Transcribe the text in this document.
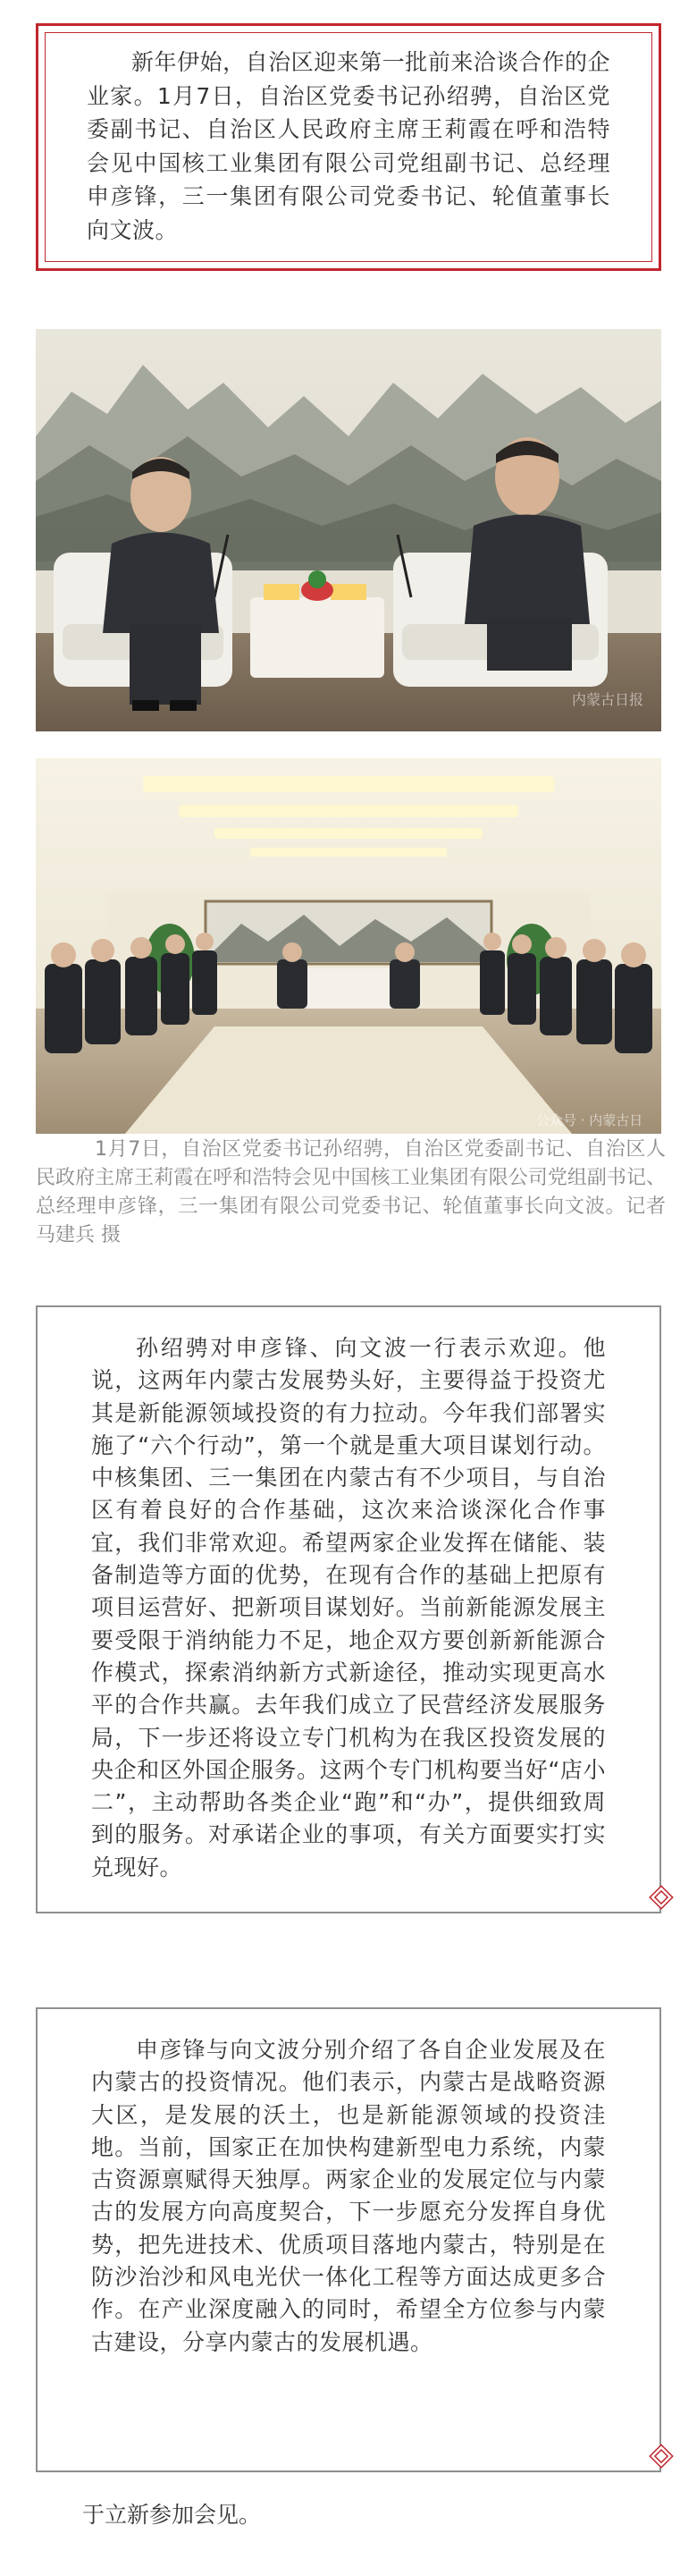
新年伊始，自治区迎来第一批前来洽谈合作的企业家。1月7日，自治区党委书记孙绍骋，自治区党委副书记、自治区人民政府主席王莉霞在呼和浩特会见中国核工业集团有限公司党组副书记、总经理申彦锋，三一集团有限公司党委书记、轮值董事长向文波。

内蒙古日报
公众号 · 内蒙古日

1月7日，自治区党委书记孙绍骋，自治区党委副书记、自治区人民政府主席王莉霞在呼和浩特会见中国核工业集团有限公司党组副书记、总经理申彦锋，三一集团有限公司党委书记、轮值董事长向文波。记者 马建兵 摄

孙绍骋对申彦锋、向文波一行表示欢迎。他说，这两年内蒙古发展势头好，主要得益于投资尤其是新能源领域投资的有力拉动。今年我们部署实施了“六个行动”，第一个就是重大项目谋划行动。中核集团、三一集团在内蒙古有不少项目，与自治区有着良好的合作基础，这次来洽谈深化合作事宜，我们非常欢迎。希望两家企业发挥在储能、装备制造等方面的优势，在现有合作的基础上把原有项目运营好、把新项目谋划好。当前新能源发展主要受限于消纳能力不足，地企双方要创新新能源合作模式，探索消纳新方式新途径，推动实现更高水平的合作共赢。去年我们成立了民营经济发展服务局，下一步还将设立专门机构为在我区投资发展的央企和区外国企服务。这两个专门机构要当好“店小二”，主动帮助各类企业“跑”和“办”，提供细致周到的服务。对承诺企业的事项，有关方面要实打实兑现好。

申彦锋与向文波分别介绍了各自企业发展及在内蒙古的投资情况。他们表示，内蒙古是战略资源大区，是发展的沃土，也是新能源领域的投资洼地。当前，国家正在加快构建新型电力系统，内蒙古资源禀赋得天独厚。两家企业的发展定位与内蒙古的发展方向高度契合，下一步愿充分发挥自身优势，把先进技术、优质项目落地内蒙古，特别是在防沙治沙和风电光伏一体化工程等方面达成更多合作。在产业深度融入的同时，希望全方位参与内蒙古建设，分享内蒙古的发展机遇。

于立新参加会见。
